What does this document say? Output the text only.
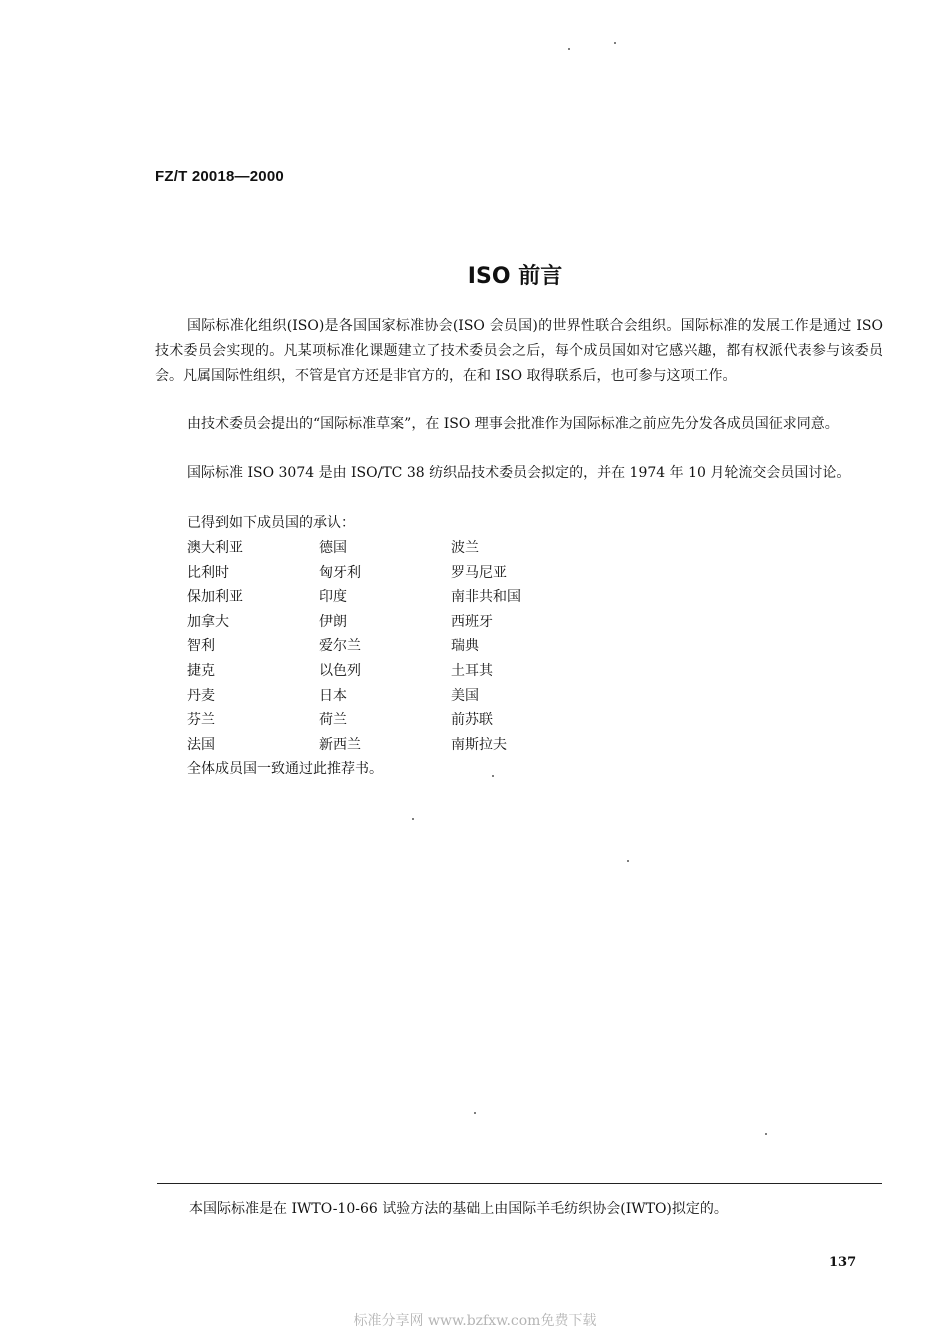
FZ/T 20018—2000
ISO 前言

国际标准化组织(ISO)是各国国家标准协会(ISO 会员国)的世界性联合会组织。国际标准的发展工作是通过 ISO 技术委员会实现的。凡某项标准化课题建立了技术委员会之后，每个成员国如对它感兴趣，都有权派代表参与该委员会。凡属国际性组织，不管是官方还是非官方的，在和 ISO 取得联系后，也可参与这项工作。

由技术委员会提出的“国际标准草案”，在 ISO 理事会批准作为国际标准之前应先分发各成员国征求同意。

国际标准 ISO 3074 是由 ISO/TC 38 纺织品技术委员会拟定的，并在 1974 年 10 月轮流交会员国讨论。

已得到如下成员国的承认：
澳大利亚	德国	波兰
比利时	匈牙利	罗马尼亚
保加利亚	印度	南非共和国
加拿大	伊朗	西班牙
智利	爱尔兰	瑞典
捷克	以色列	土耳其
丹麦	日本	美国
芬兰	荷兰	前苏联
法国	新西兰	南斯拉夫
全体成员国一致通过此推荐书。
本国际标准是在 IWTO-10-66 试验方法的基础上由国际羊毛纺织协会(IWTO)拟定的。
137
标准分享网 www.bzfxw.com免费下载
